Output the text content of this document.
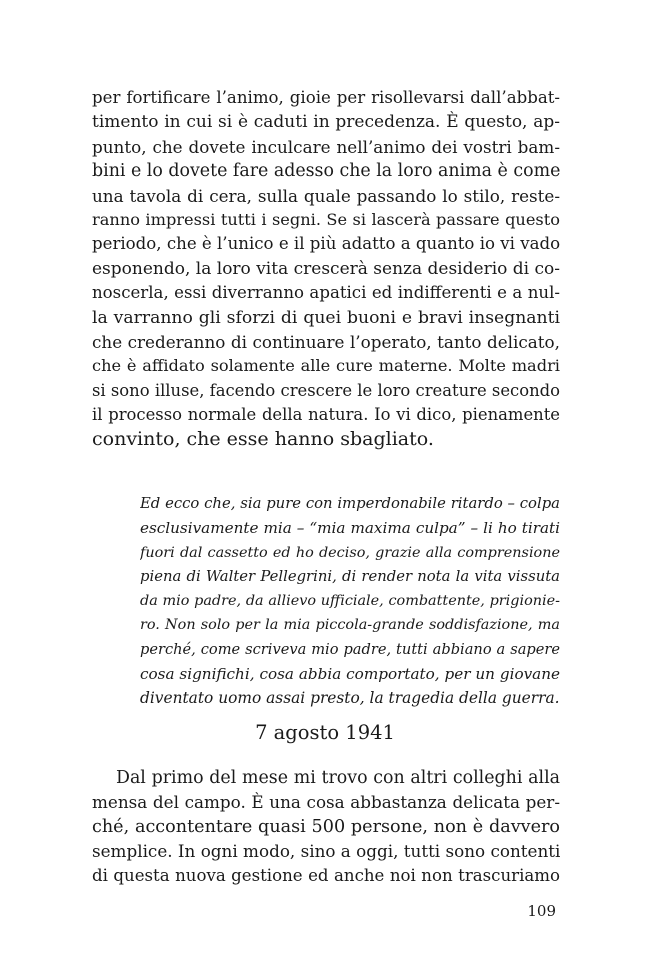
per fortificare l’animo, gioie per risollevarsi dall’abbat-
timento in cui si è caduti in precedenza. È questo, ap-
punto, che dovete inculcare nell’animo dei vostri bam-
bini e lo dovete fare adesso che la loro anima è come
una tavola di cera, sulla quale passando lo stilo, reste-
ranno impressi tutti i segni. Se si lascerà passare questo
periodo, che è l’unico e il più adatto a quanto io vi vado
esponendo, la loro vita crescerà senza desiderio di co-
noscerla, essi diverranno apatici ed indifferenti e a nul-
la varranno gli sforzi di quei buoni e bravi insegnanti
che crederanno di continuare l’operato, tanto delicato,
che è affidato solamente alle cure materne. Molte madri
si sono illuse, facendo crescere le loro creature secondo
il processo normale della natura. Io vi dico, pienamente
convinto, che esse hanno sbagliato.
Ed ecco che, sia pure con imperdonabile ritardo – colpa
esclusivamente mia – “mia maxima culpa” – li ho tirati
fuori dal cassetto ed ho deciso, grazie alla comprensione
piena di Walter Pellegrini, di render nota la vita vissuta
da mio padre, da allievo ufficiale, combattente, prigionie-
ro. Non solo per la mia piccola-grande soddisfazione, ma
perché, come scriveva mio padre, tutti abbiano a sapere
cosa significhi, cosa abbia comportato, per un giovane
diventato uomo assai presto, la tragedia della guerra.
7 agosto 1941
Dal primo del mese mi trovo con altri colleghi alla
mensa del campo. È una cosa abbastanza delicata per-
ché, accontentare quasi 500 persone, non è davvero
semplice. In ogni modo, sino a oggi, tutti sono contenti
di questa nuova gestione ed anche noi non trascuriamo
109
